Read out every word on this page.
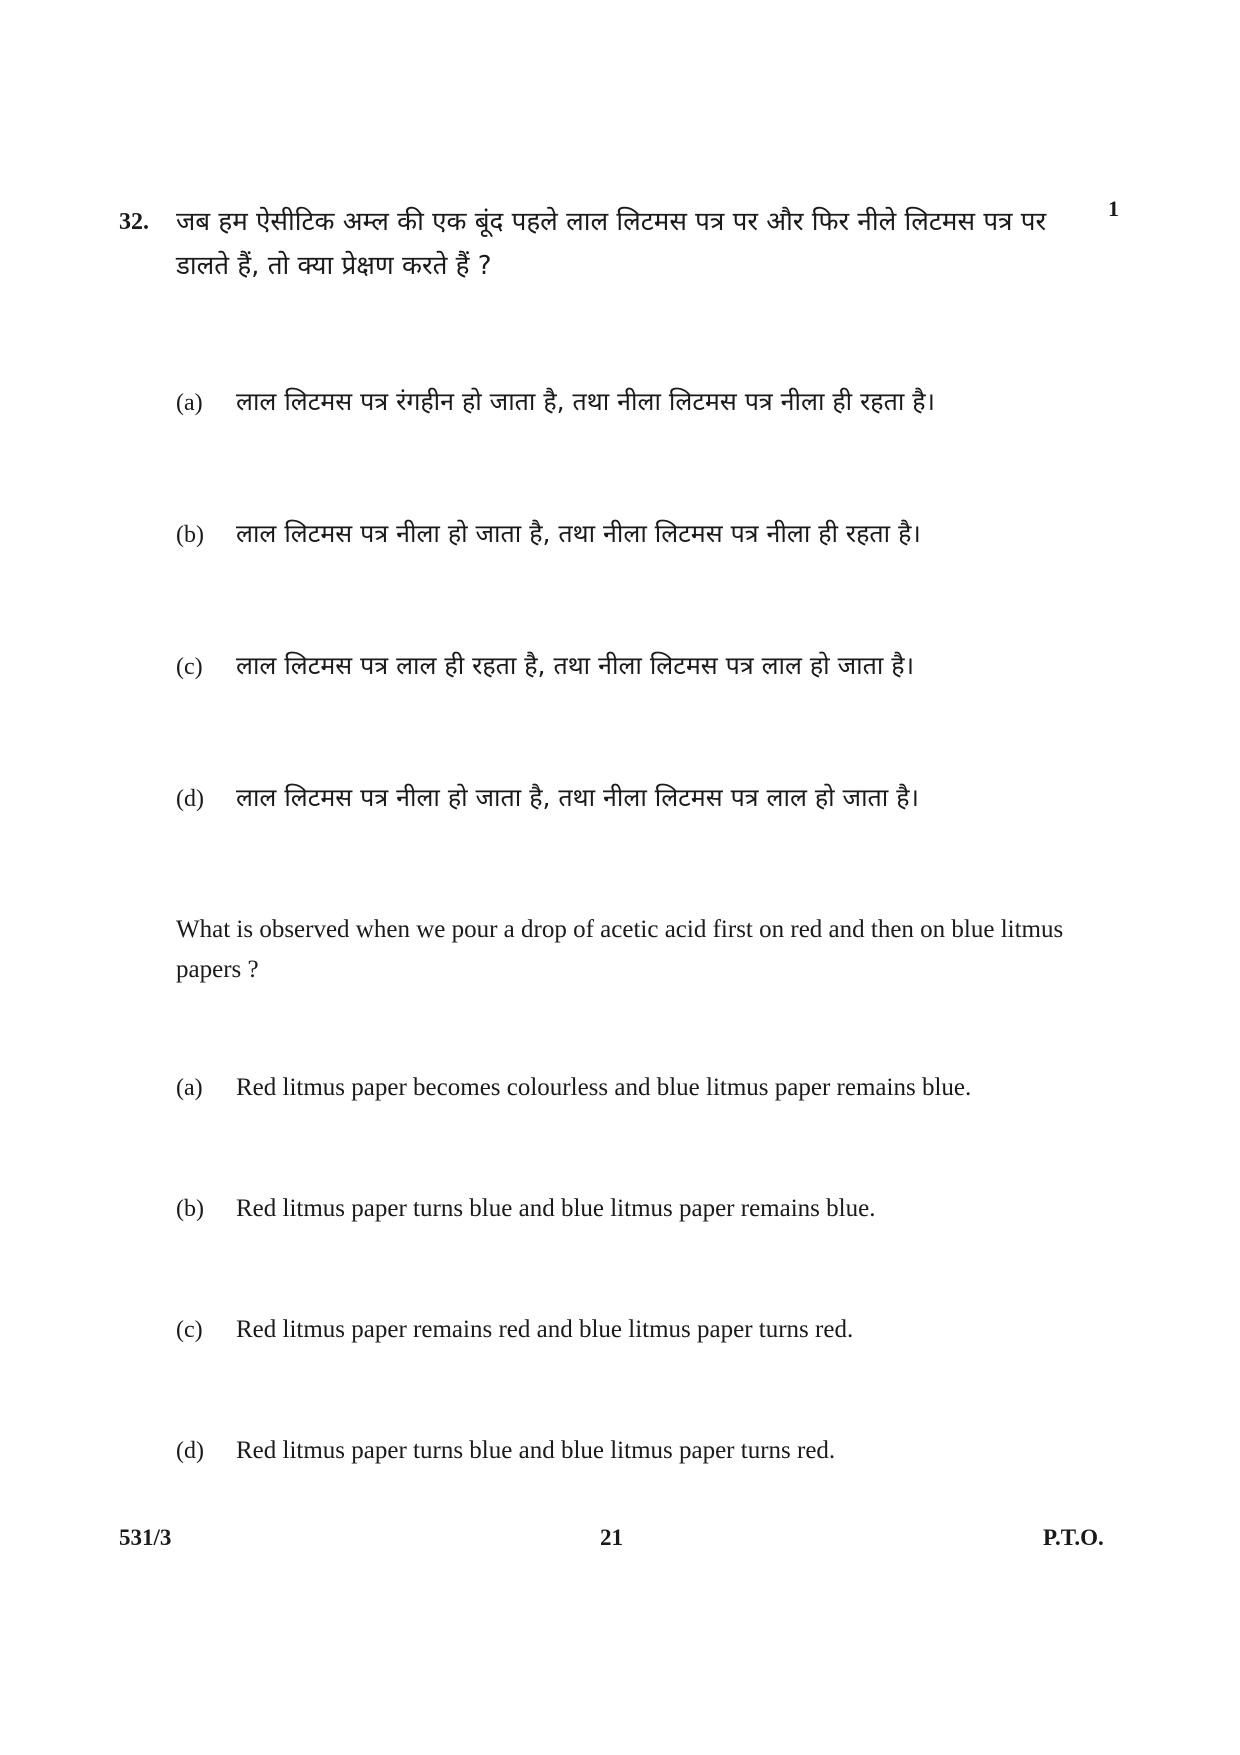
32.
1
जब हम ऐसीटिक अम्ल की एक बूंद पहले लाल लिटमस पत्र पर और फिर नीले लिटमस पत्र पर डालते हैं, तो क्या प्रेक्षण करते हैं ?
(a)	लाल लिटमस पत्र रंगहीन हो जाता है, तथा नीला लिटमस पत्र नीला ही रहता है।
(b)	लाल लिटमस पत्र नीला हो जाता है, तथा नीला लिटमस पत्र नीला ही रहता है।
(c)	लाल लिटमस पत्र लाल ही रहता है, तथा नीला लिटमस पत्र लाल हो जाता है।
(d)	लाल लिटमस पत्र नीला हो जाता है, तथा नीला लिटमस पत्र लाल हो जाता है।
What is observed when we pour a drop of acetic acid first on red and then on blue litmus papers ?
(a)	Red litmus paper becomes colourless and blue litmus paper remains blue.
(b)	Red litmus paper turns blue and blue litmus paper remains blue.
(c)	Red litmus paper remains red and blue litmus paper turns red.
(d)	Red litmus paper turns blue and blue litmus paper turns red.
531/3	21	P.T.O.
